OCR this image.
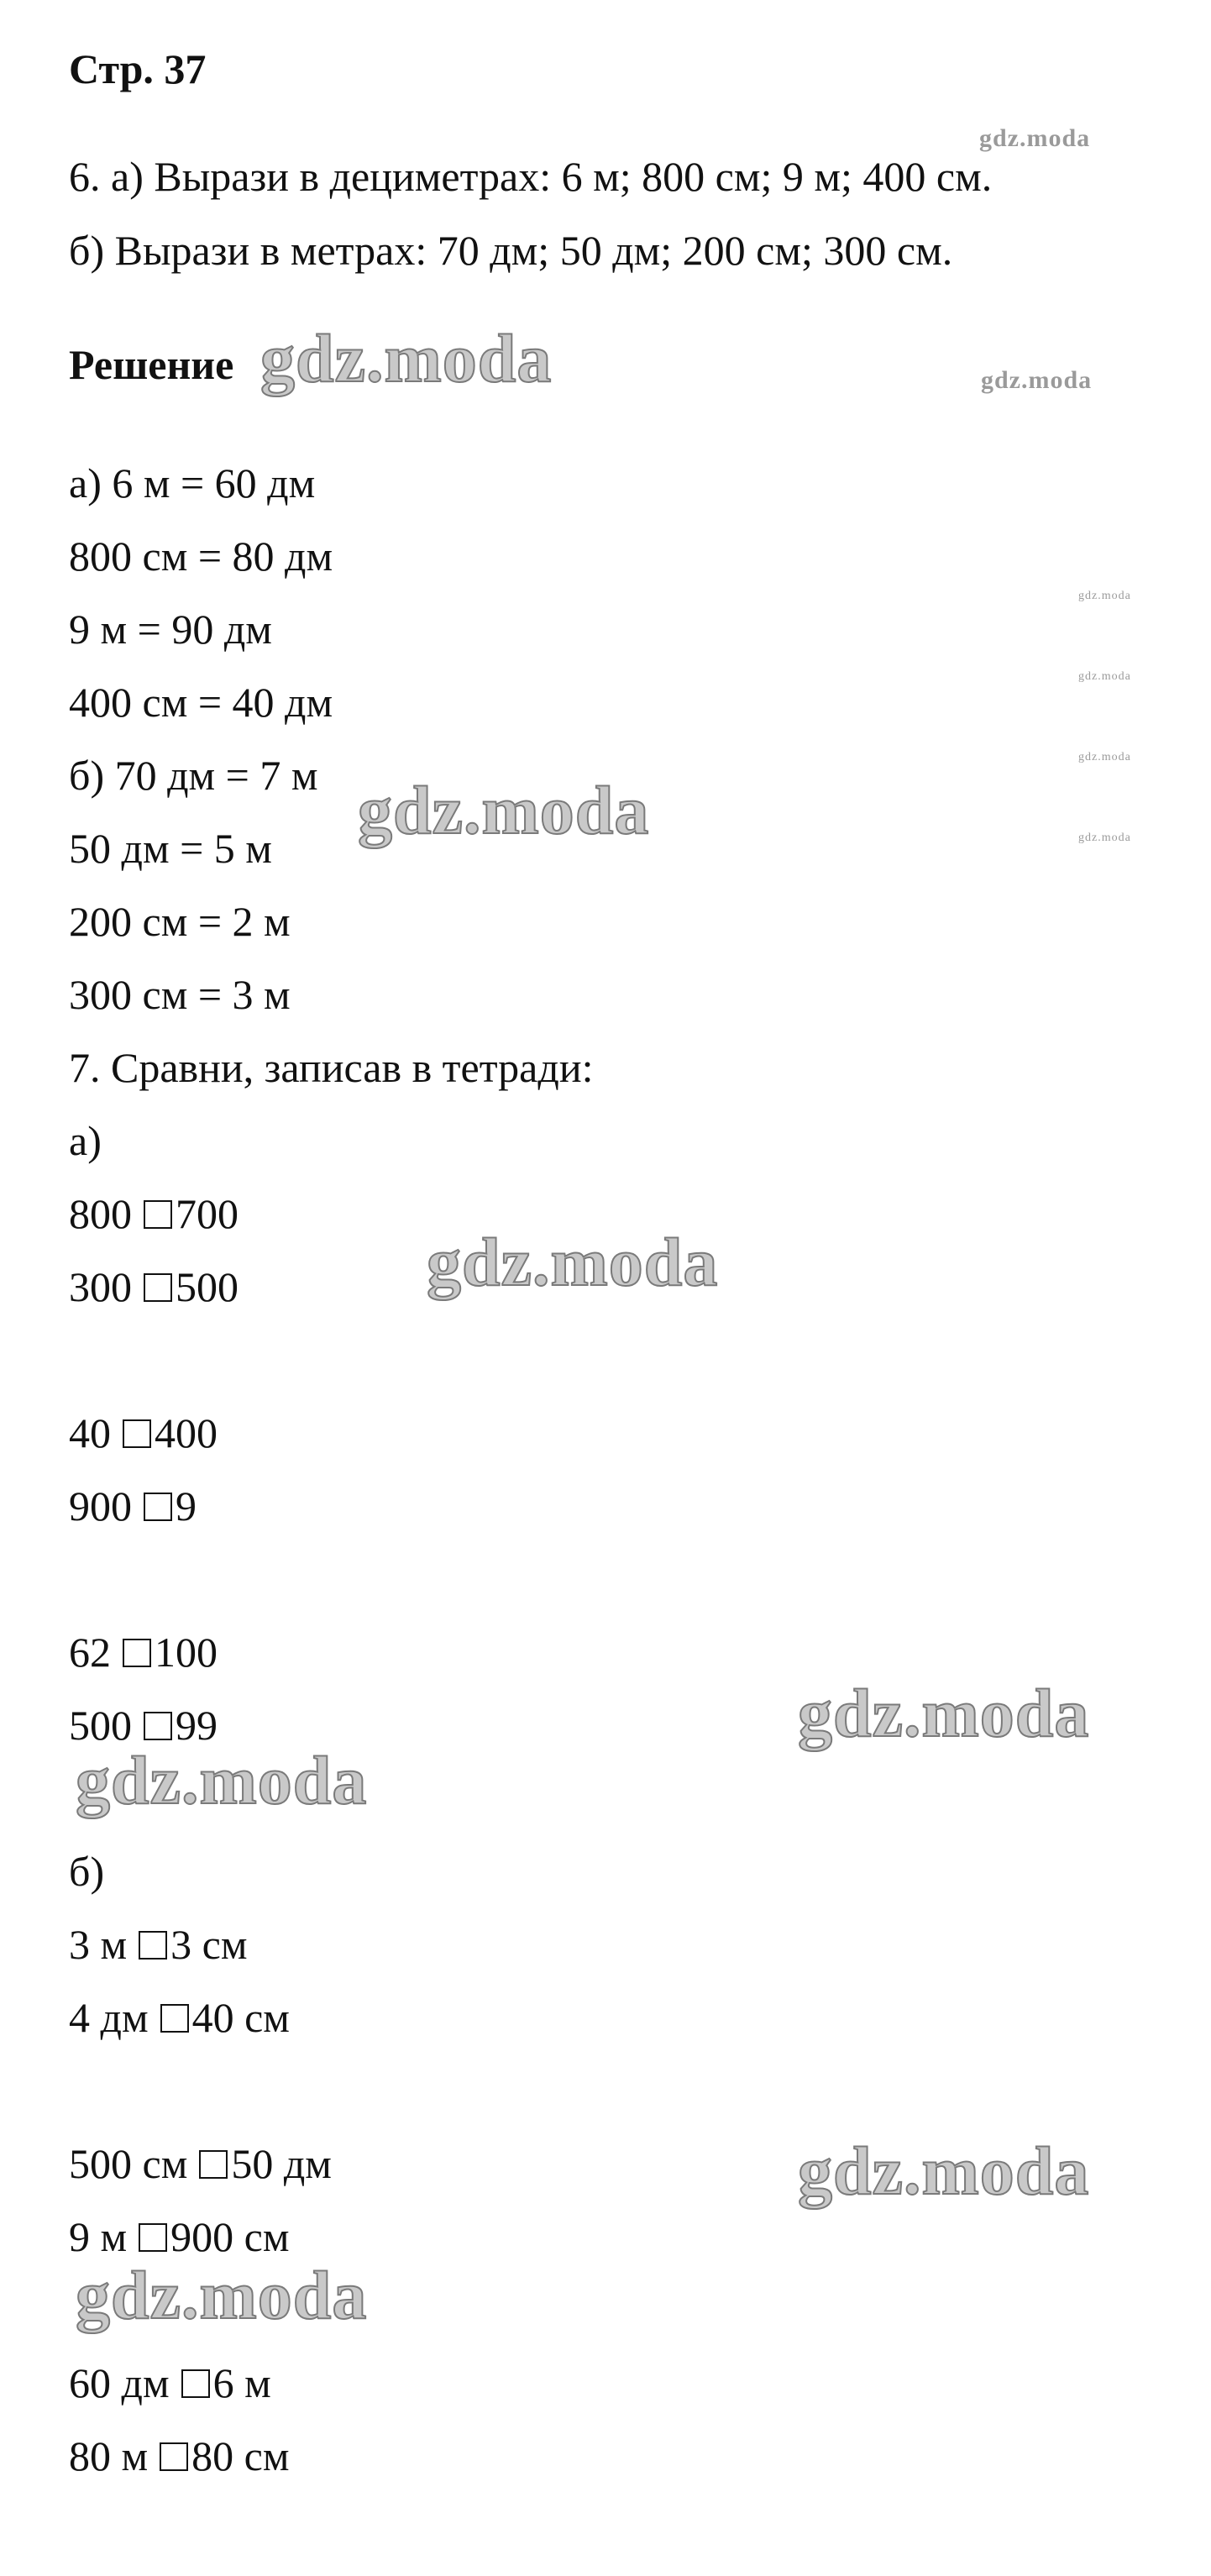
Стр. 37
6. а) Вырази в дециметрах: 6 м; 800 см; 9 м; 400 см.
б) Вырази в метрах: 70 дм; 50 дм; 200 см; 300 см.
Решение
а) 6 м = 60 дм
800 см = 80 дм
9 м = 90 дм
400 см = 40 дм
б) 70 дм = 7 м
50 дм = 5 м
200 см = 2 м
300 см = 3 м
7. Сравни, записав в тетради:
а)
800 700
300 500
40 400
900 9
62 100
500 99
б)
3 м 3 см
4 дм 40 см
500 см 50 дм
9 м 900 см
60 дм 6 м
80 м 80 см
gdz.moda
gdz.moda	gdz.moda
gdz.moda
gdz.moda
gdz.moda
gdz.moda
gdz.moda
gdz.moda
gdz.moda
gdz.moda
gdz.moda
gdz.moda
